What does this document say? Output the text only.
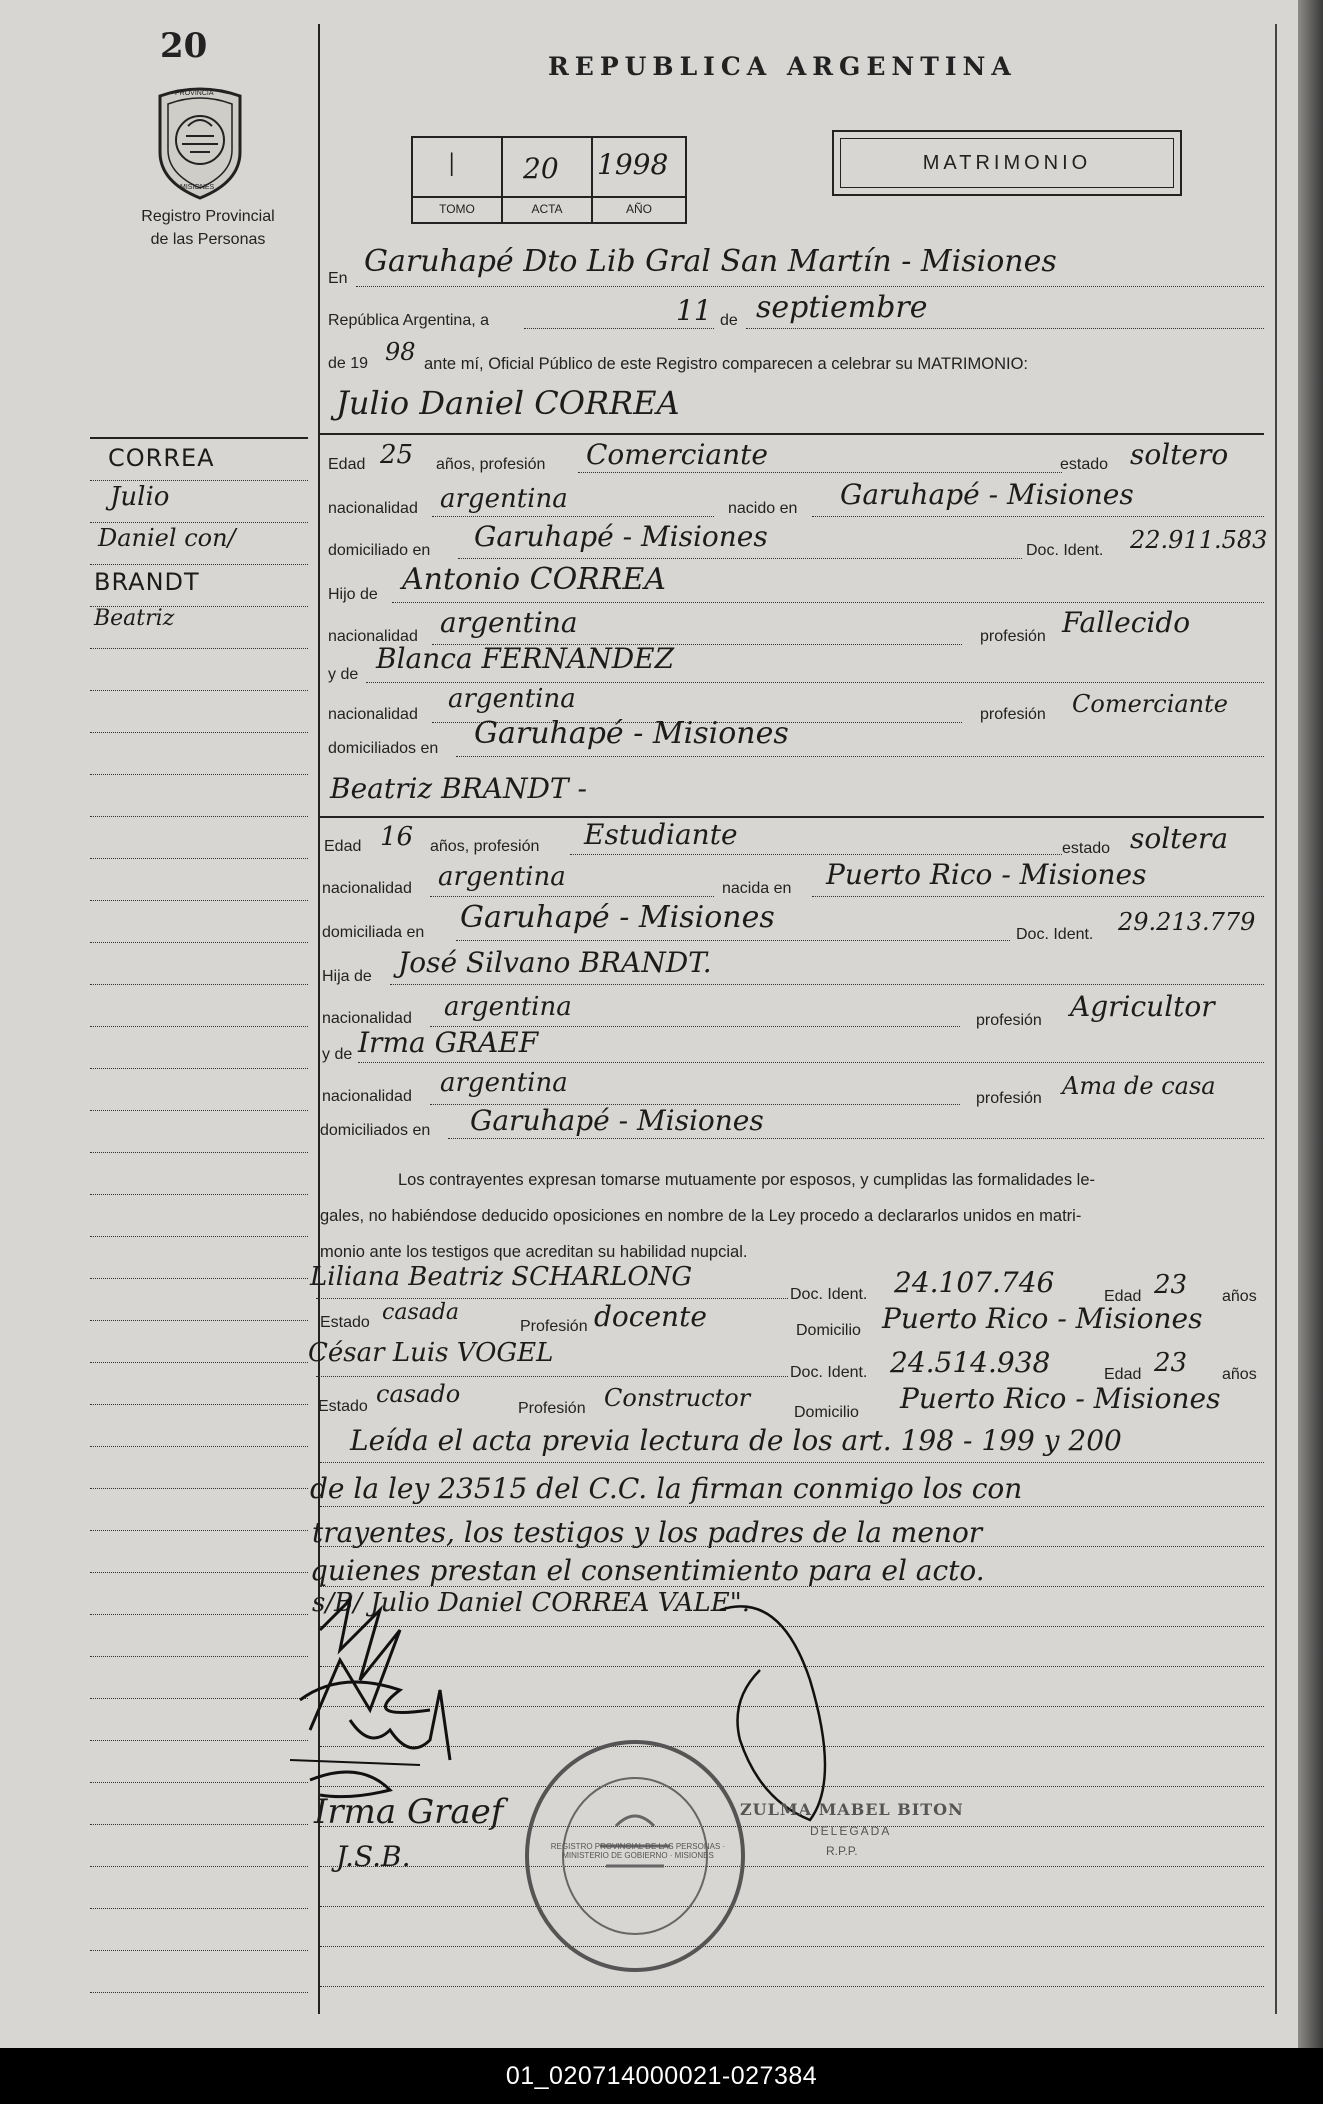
20
PROVINCIA
MISIONES
Registro Provincial
de las Personas
CORREA
Julio
Daniel con/
BRANDT
Beatriz
REPUBLICA ARGENTINA
I 20 1998
TOMO	ACTA	AÑO
MATRIMONIO
En Garuhapé Dto Lib Gral San Martín - Misiones
República Argentina, a	11 de septiembre
de 19 98 ante mí, Oficial Público de este Registro comparecen a celebrar su MATRIMONIO:
Julio Daniel CORREA
Edad 25 años, profesión Comerciante	estado soltero
nacionalidad argentina	nacido en Garuhapé - Misiones
domiciliado en Garuhapé - Misiones	Doc. Ident. 22.911.583
Hijo de Antonio CORREA
nacionalidad argentina	profesión Fallecido
y de Blanca FERNANDEZ
nacionalidad
argentina
profesión Comerciante
domiciliados en Garuhapé - Misiones
Beatriz BRANDT -
Edad 16 años, profesión Estudiante	estado soltera
nacionalidad argentina	nacida en Puerto Rico - Misiones
domiciliada en Garuhapé - Misiones	Doc. Ident. 29.213.779
Hija de José Silvano BRANDT.
nacionalidad argentina	profesión Agricultor
y de Irma GRAEF
nacionalidad argentina
profesión Ama de casa
domiciliados en Garuhapé - Misiones
Los contrayentes expresan tomarse mutuamente por esposos, y cumplidas las formalidades le-
gales, no habiéndose deducido oposiciones en nombre de la Ley procedo a declararlos unidos en matri-
monio ante los testigos que acreditan su habilidad nupcial.
Liliana Beatriz SCHARLONG
Doc. Ident. 24.107.746	Edad 23 años
Estado casada
Profesión docente	Domicilio Puerto Rico - Misiones
César Luis VOGEL
Doc. Ident. 24.514.938	Edad 23 años
Estado casado
Profesión Constructor
Domicilio Puerto Rico - Misiones
Leída el acta previa lectura de los art. 198 - 199 y 200
de la ley 23515 del C.C. la firman conmigo los con
trayentes, los testigos y los padres de la menor
quienes prestan el consentimiento para el acto.
s/B/ Julio Daniel CORREA VALE".
Irma Graef
J.S.B.	REGISTRO PROVINCIAL DE LAS PERSONAS · MINISTERIO DE GOBIERNO · MISIONES
ZULMA MABEL BITON
DELEGADA
R.P.P.
01_020714000021-027384
